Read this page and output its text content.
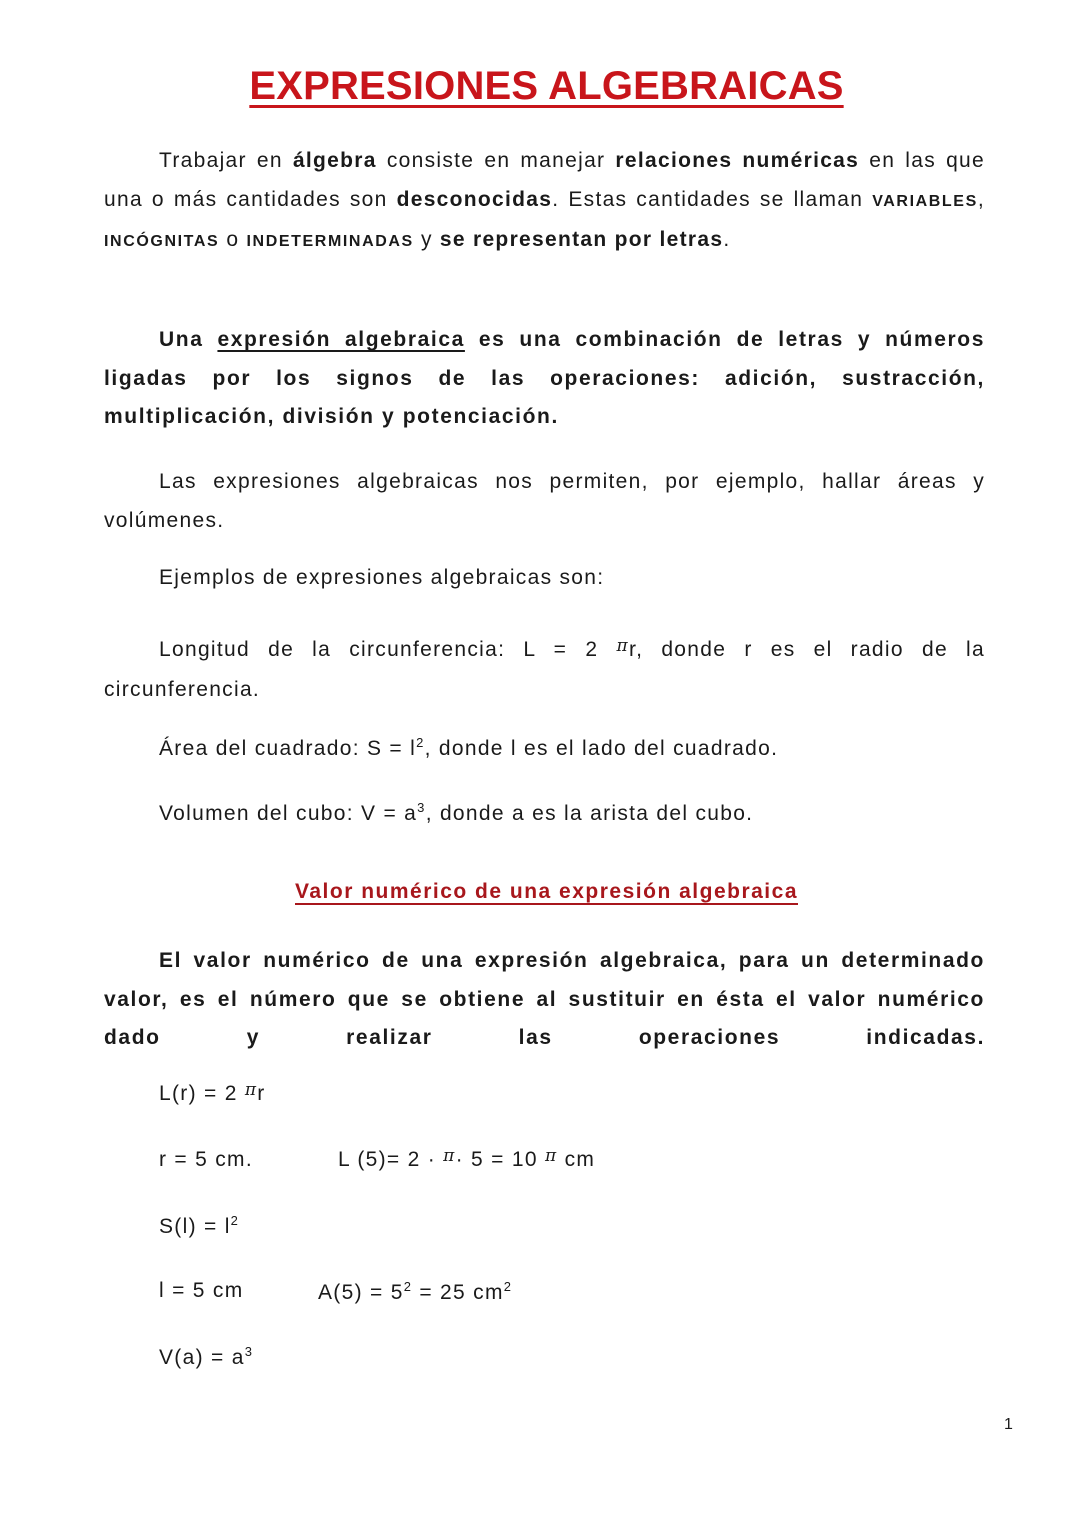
EXPRESIONES ALGEBRAICAS

Trabajar en álgebra consiste en manejar relaciones numéricas en las que una o más cantidades son desconocidas. Estas cantidades se llaman VARIABLES, INCÓGNITAS o INDETERMINADAS y se representan por letras.

Una expresión algebraica es una combinación de letras y números ligadas por los signos de las operaciones: adición, sustracción, multiplicación, división y potenciación.

Las expresiones algebraicas nos permiten, por ejemplo, hallar áreas y volúmenes.

Ejemplos de expresiones algebraicas son:

Longitud de la circunferencia: L = 2 $^\pi$r, donde r es el radio de la circunferencia.

Área del cuadrado: $S = l^2$, donde l es el lado del cuadrado.

Volumen del cubo: $V = a^3$, donde a es la arista del cubo.

Valor numérico de una expresión algebraica

El valor numérico de una expresión algebraica, para un determinado valor, es el número que se obtiene al sustituir en ésta el valor numérico dado y realizar las operaciones indicadas.

L(r) = 2 $^\pi$r

r = 5 cm.	L (5)= 2 · $^\pi$· 5 = 10 $^\pi$ cm

$S(l) = l^2$

l = 5 cm	$A(5) = 5^2 = 25$ $cm^2$

$V(a) = a^3$

1
